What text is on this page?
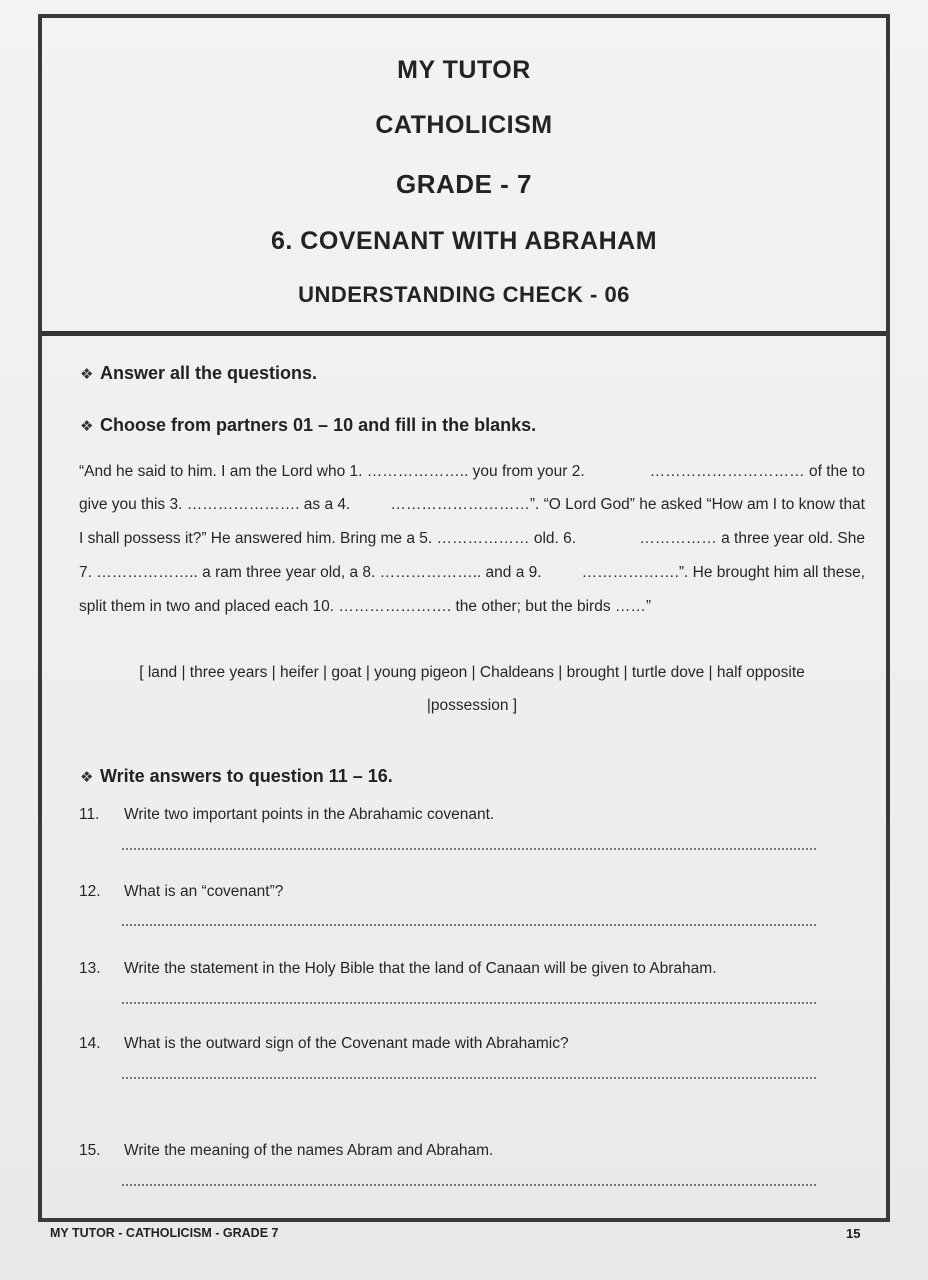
MY TUTOR
CATHOLICISM
GRADE - 7
6. COVENANT WITH ABRAHAM
UNDERSTANDING CHECK - 06
❖ Answer all the questions.
❖ Choose from partners 01 – 10 and fill in the blanks.
“And he said to him. I am the Lord who 1. ……………….. you from your 2.	………………………… of the to
give you this 3. …………………. as a 4.	………………………”. “O Lord God” he asked “How am I to know that
I shall possess it?” He answered him. Bring me a 5. ……………… old. 6.	…………… a three year old. She
7. ……………….. a ram three year old, a 8. ……………….. and a 9.	……………….”. He brought him all these,
split them in two and placed each 10. …………………. the other; but the birds ……”
[ land | three years | heifer | goat | young pigeon | Chaldeans | brought | turtle dove | half opposite
|possession ]
❖ Write answers to question 11 – 16.
11. Write two important points in the Abrahamic covenant.
12. What is an “covenant”?
13. Write the statement in the Holy Bible that the land of Canaan will be given to Abraham.
14. What is the outward sign of the Covenant made with Abrahamic?
15. Write the meaning of the names Abram and Abraham.
MY TUTOR - CATHOLICISM - GRADE 7	15
